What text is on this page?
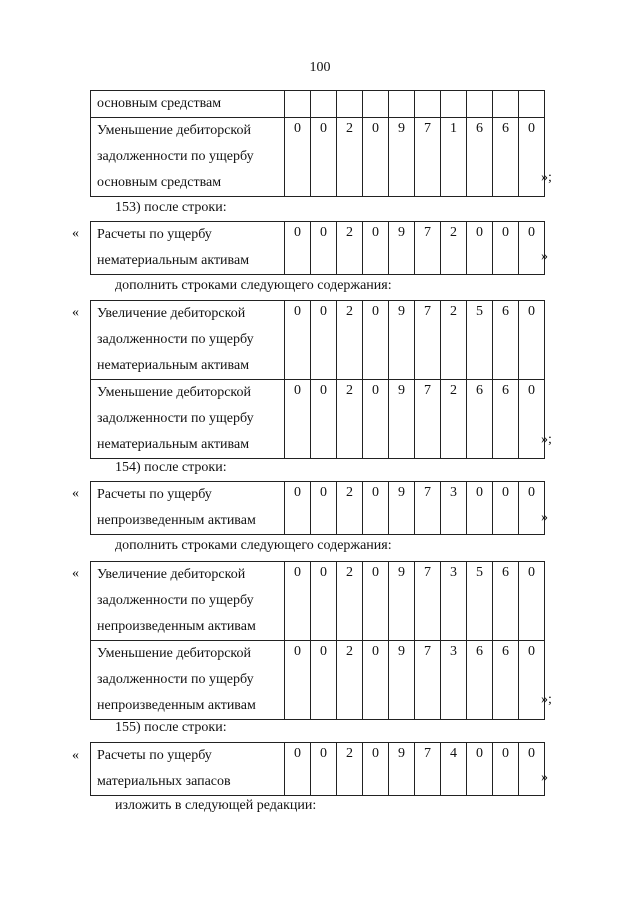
100
основным средствам										

Уменьшение дебиторской
задолженности по ущербу
основным средствам	0	0	2	0	9	7	1	6	6	0
»;
153) после строки:
« Расчеты по ущербу
нематериальным активам
	0	0	2	0	9	7	2	0	0	0
»
дополнить строками следующего содержания:
« Увеличение дебиторской
задолженности по ущербу
нематериальным активам	0	0	2	0	9	7	2	5	6	0

Уменьшение дебиторской
задолженности по ущербу
нематериальным активам	0	0	2	0	9	7	2	6	6	0
»;
154) после строки:
« Расчеты по ущербу
непроизведенным активам
	0	0	2	0	9	7	3	0	0	0
»
дополнить строками следующего содержания:
« Увеличение дебиторской
задолженности по ущербу
непроизведенным активам	0	0	2	0	9	7	3	5	6	0

Уменьшение дебиторской
задолженности по ущербу
непроизведенным активам	0	0	2	0	9	7	3	6	6	0
»;
155) после строки:
« Расчеты по ущербу
материальных запасов
	0	0	2	0	9	7	4	0	0	0
»
изложить в следующей редакции:
